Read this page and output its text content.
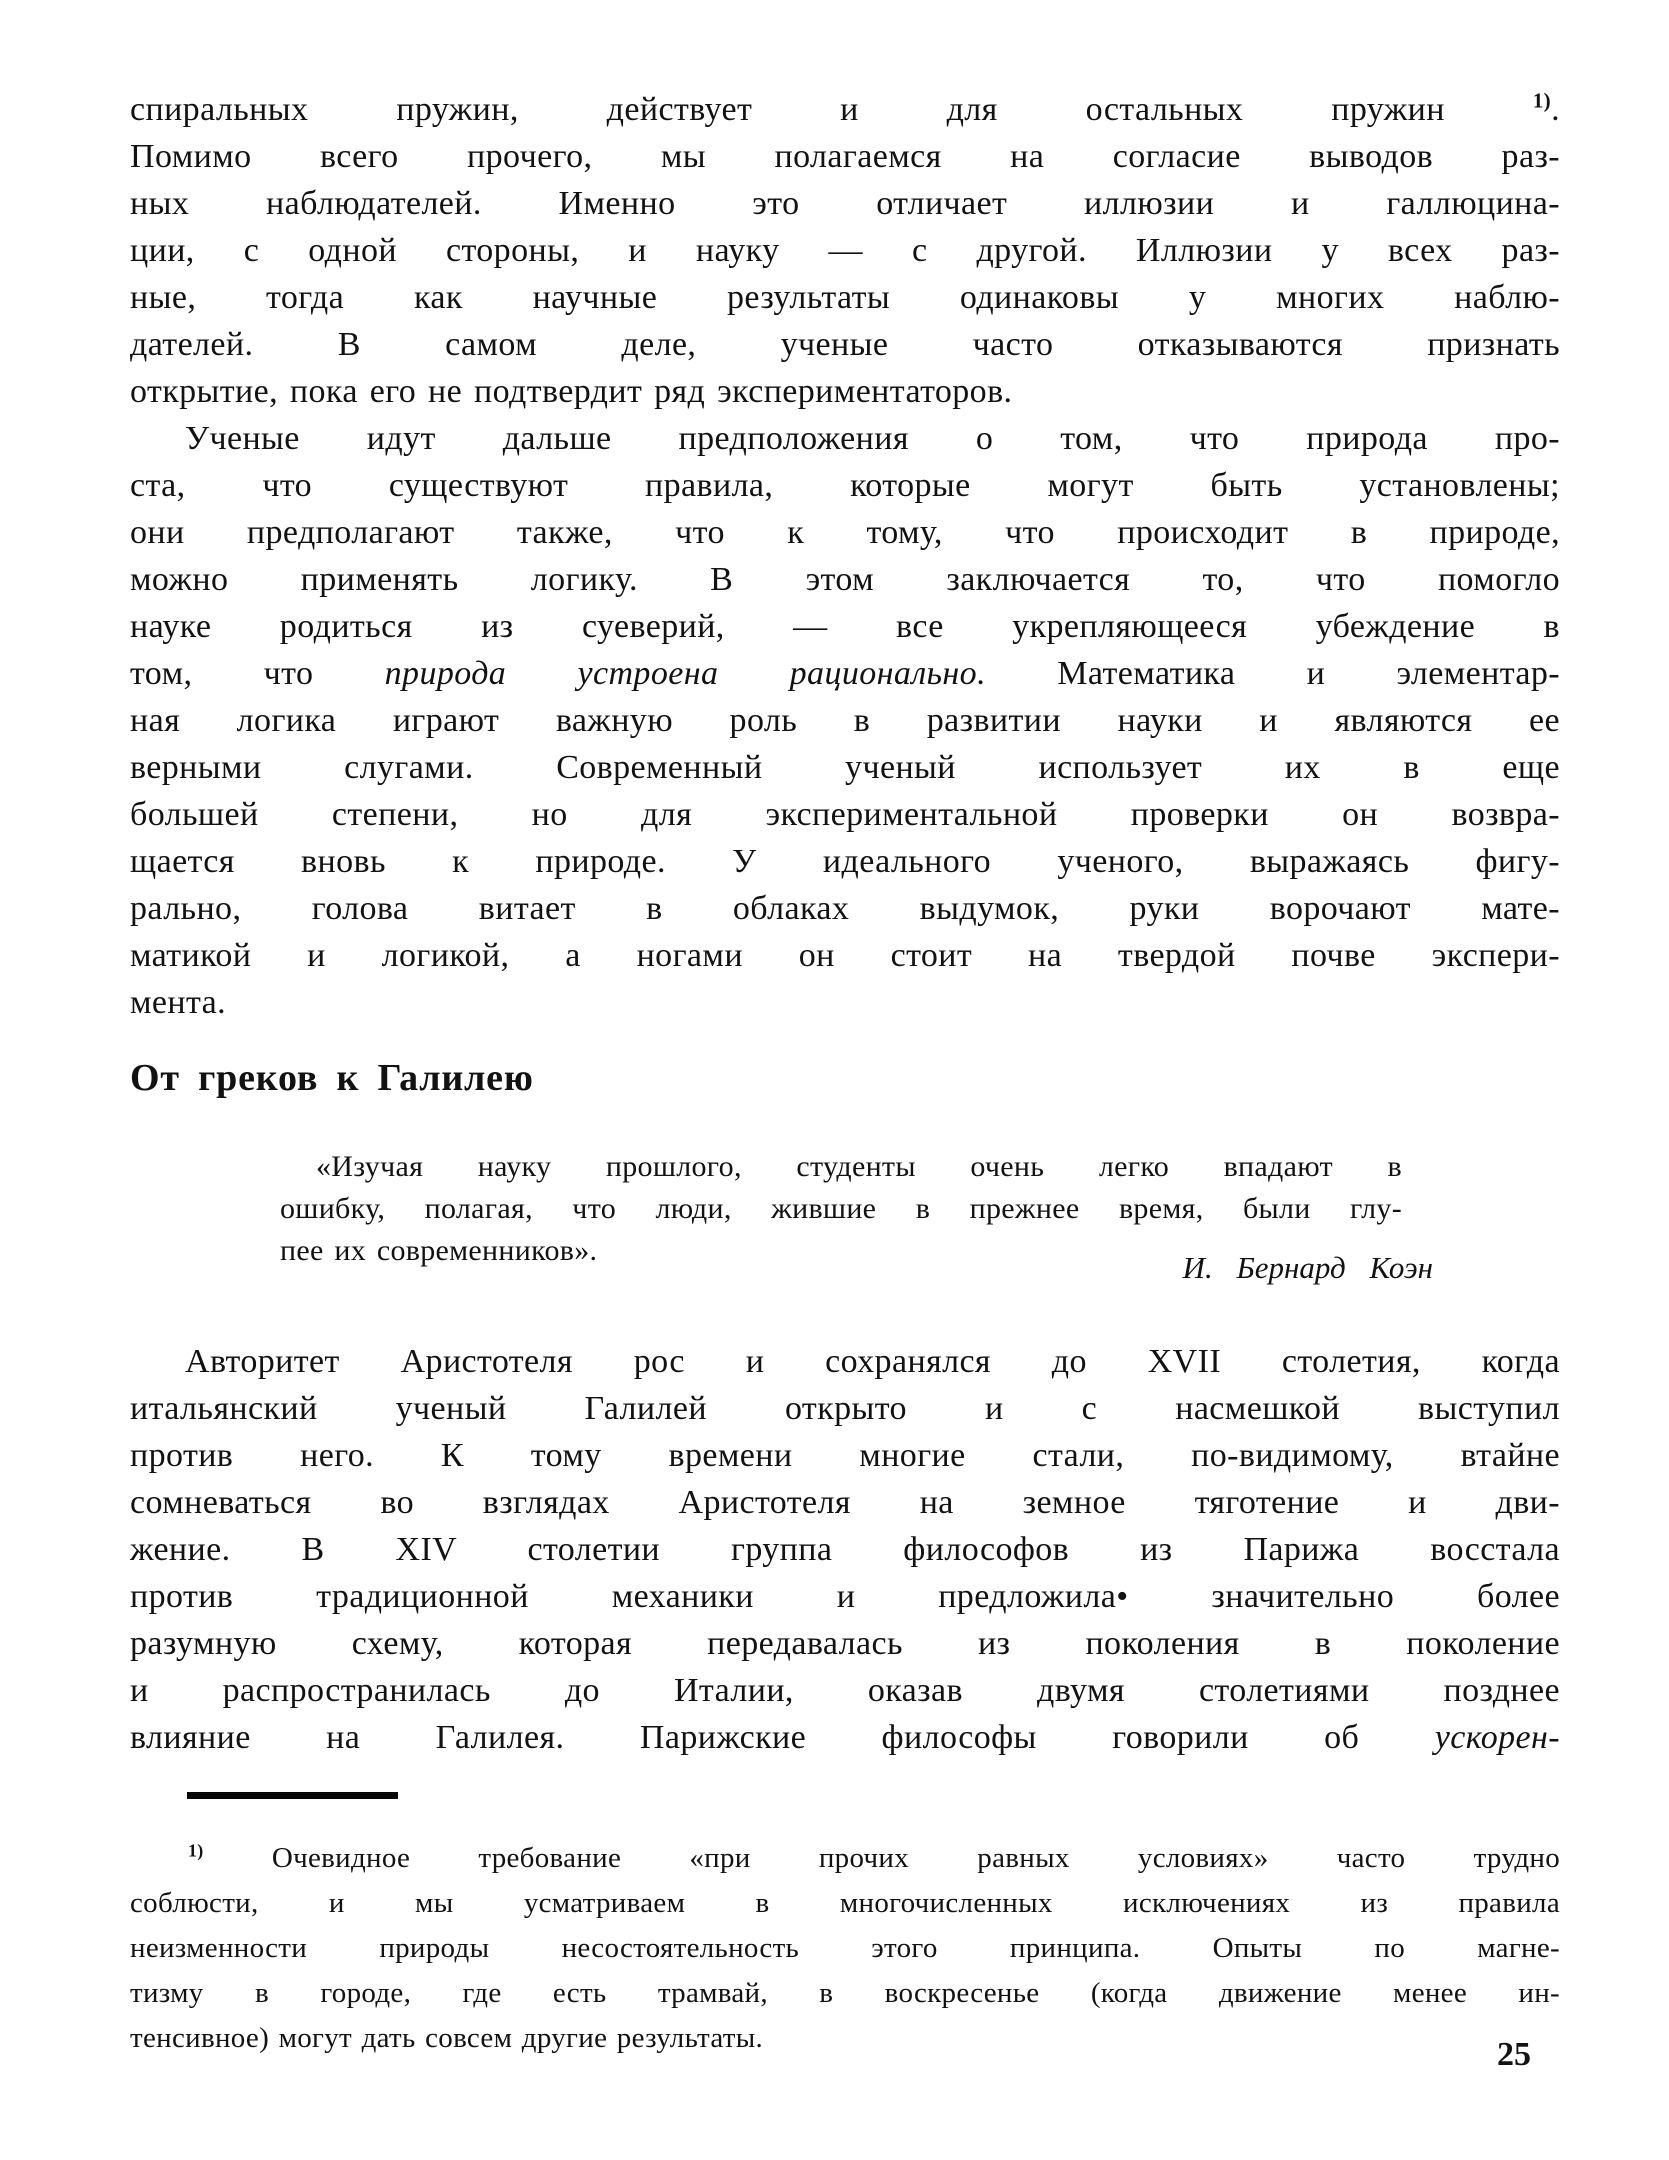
спиральных пружин, действует и для остальных пружин	$^{1)}$.
Помимо всего прочего, мы полагаемся на согласие выводов раз-
ных наблюдателей. Именно это отличает иллюзии и галлюцина-
ции, с одной стороны, и науку — с другой. Иллюзии у всех раз-
ные, тогда как научные результаты одинаковы у многих наблю-
дателей. В самом деле, ученые часто отказываются признать
открытие, пока его не подтвердит ряд экспериментаторов.
Ученые идут дальше предположения о том, что природа про-
ста, что существуют правила, которые могут быть установлены;
они предполагают также, что к тому, что происходит в природе,
можно применять логику. В этом заключается то, что помогло
науке родиться из суеверий, — все укрепляющееся убеждение в
том, что природа устроена рационально. Математика и элементар-
ная логика играют важную роль в развитии науки и являются ее
верными слугами. Современный ученый использует их в еще
большей степени, но для экспериментальной проверки он возвра-
щается вновь к природе. У идеального ученого, выражаясь фигу-
рально, голова витает в облаках выдумок, руки ворочают мате-
матикой и логикой, а ногами он стоит на твердой почве экспери-
мента.
От греков к Галилею
«Изучая науку прошлого, студенты очень легко впадают в
ошибку, полагая, что люди, жившие в прежнее время, были глу-
пее их современников».	И. Бернард Коэн
Авторитет Аристотеля рос и сохранялся до XVII столетия, когда
итальянский ученый Галилей открыто и с насмешкой выступил
против него. К тому времени многие стали, по-видимому, втайне
сомневаться во взглядах Аристотеля на земное тяготение и дви-
жение. В XIV столетии группа философов из Парижа восстала
против традиционной механики и предложила• значительно более
разумную схему, которая передавалась из поколения в поколение
и распространилась до Италии, оказав двумя столетиями позднее
влияние на Галилея. Парижские философы говорили об ускорен-
$^{1)}$ Очевидное требование «при прочих равных условиях» часто трудно
соблюсти, и мы усматриваем в многочисленных исключениях из правила
неизменности природы несостоятельность этого принципа. Опыты по магне-
тизму в городе, где есть трамвай, в воскресенье (когда движение менее ин-
тенсивное) могут дать совсем другие результаты.	25
